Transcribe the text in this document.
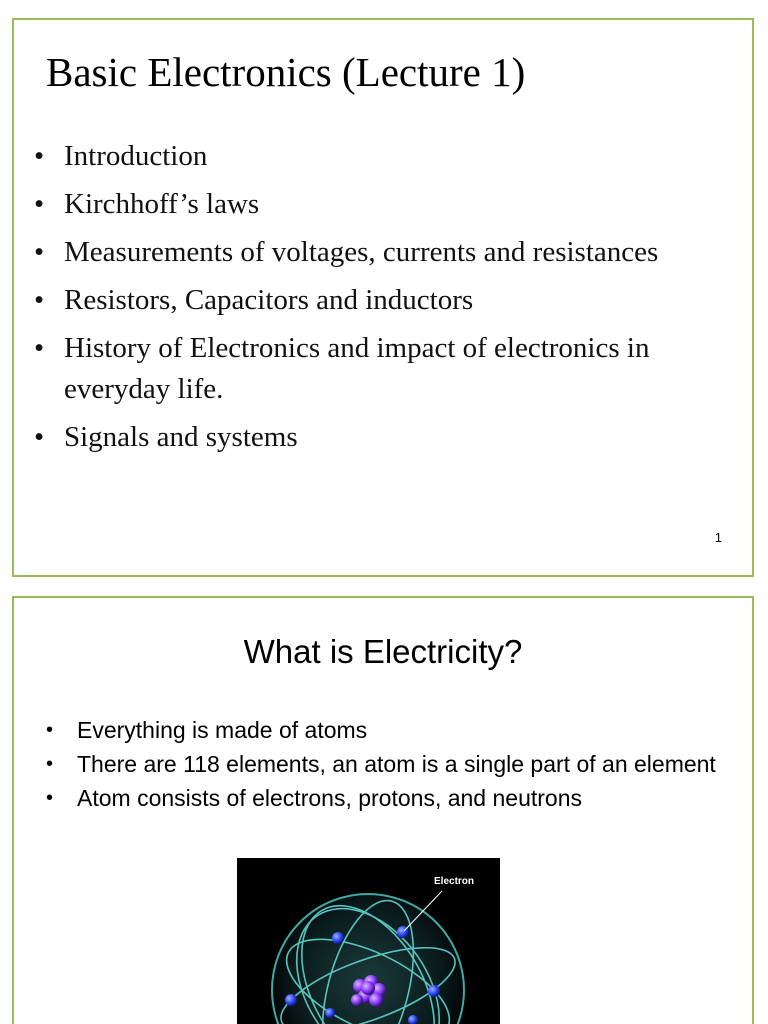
Basic Electronics (Lecture 1)
• Introduction
• Kirchhoff’s laws
• Measurements of voltages, currents and resistances
• Resistors, Capacitors and inductors
• History of Electronics and impact of electronics in everyday life.
• Signals and systems
1
What is Electricity?
• Everything is made of atoms
• There are 118 elements, an atom is a single part of an element
• Atom consists of electrons, protons, and neutrons
Electron
